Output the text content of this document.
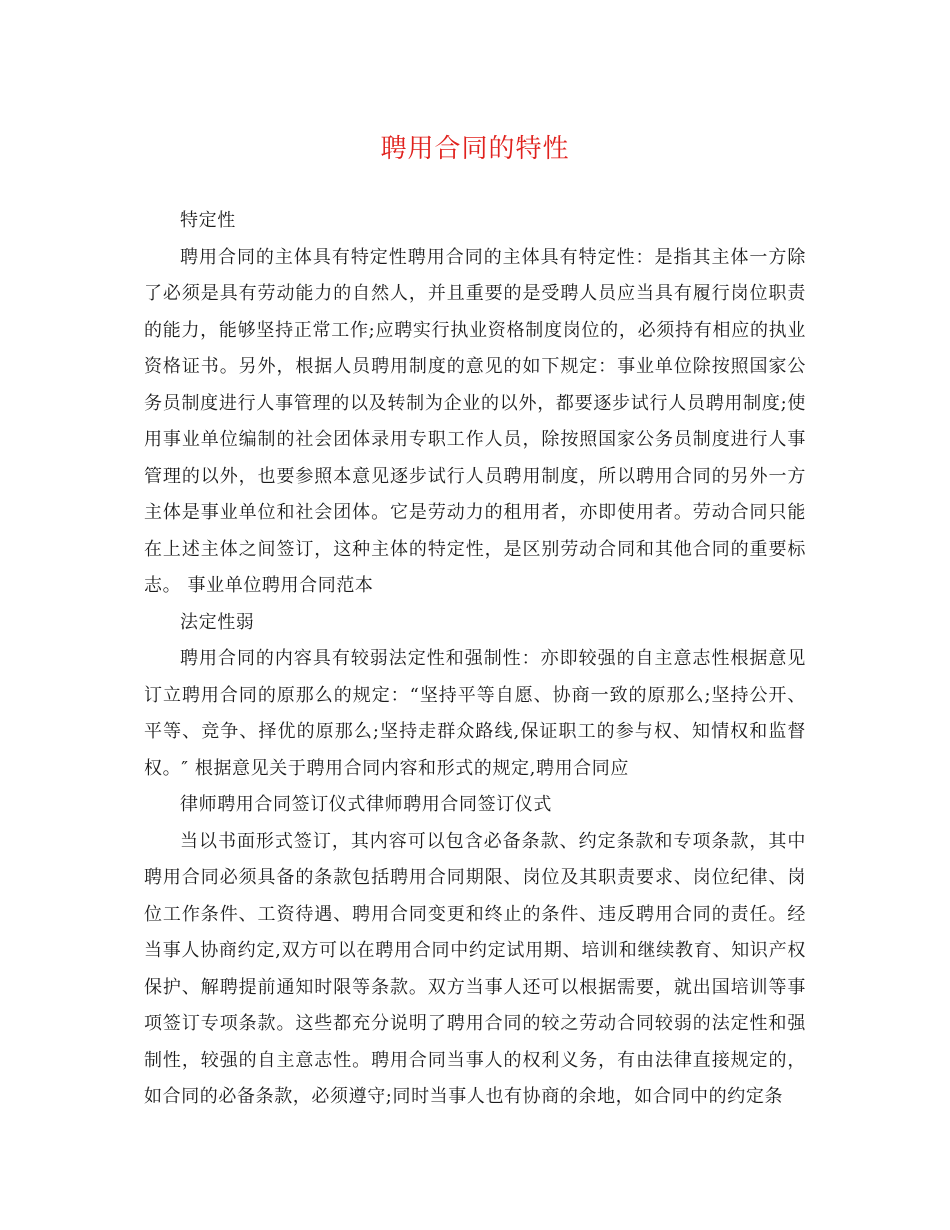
聘用合同的特性

特定性

聘用合同的主体具有特定性聘用合同的主体具有特定性：是指其主体一方除了必须是具有劳动能力的自然人，并且重要的是受聘人员应当具有履行岗位职责的能力，能够坚持正常工作;应聘实行执业资格制度岗位的，必须持有相应的执业资格证书。另外，根据人员聘用制度的意见的如下规定：事业单位除按照国家公务员制度进行人事管理的以及转制为企业的以外，都要逐步试行人员聘用制度;使用事业单位编制的社会团体录用专职工作人员，除按照国家公务员制度进行人事管理的以外，也要参照本意见逐步试行人员聘用制度，所以聘用合同的另外一方主体是事业单位和社会团体。它是劳动力的租用者，亦即使用者。劳动合同只能在上述主体之间签订，这种主体的特定性，是区别劳动合同和其他合同的重要标志。 事业单位聘用合同范本

法定性弱

聘用合同的内容具有较弱法定性和强制性：亦即较强的自主意志性根据意见订立聘用合同的原那么的规定：“坚持平等自愿、协商一致的原那么;坚持公开、平等、竞争、择优的原那么;坚持走群众路线,保证职工的参与权、知情权和监督权。″ 根据意见关于聘用合同内容和形式的规定,聘用合同应

律师聘用合同签订仪式律师聘用合同签订仪式

当以书面形式签订，其内容可以包含必备条款、约定条款和专项条款，其中聘用合同必须具备的条款包括聘用合同期限、岗位及其职责要求、岗位纪律、岗位工作条件、工资待遇、聘用合同变更和终止的条件、违反聘用合同的责任。经当事人协商约定,双方可以在聘用合同中约定试用期、培训和继续教育、知识产权保护、解聘提前通知时限等条款。双方当事人还可以根据需要，就出国培训等事项签订专项条款。这些都充分说明了聘用合同的较之劳动合同较弱的法定性和强制性，较强的自主意志性。聘用合同当事人的权利义务，有由法律直接规定的，如合同的必备条款，必须遵守;同时当事人也有协商的余地，如合同中的约定条
